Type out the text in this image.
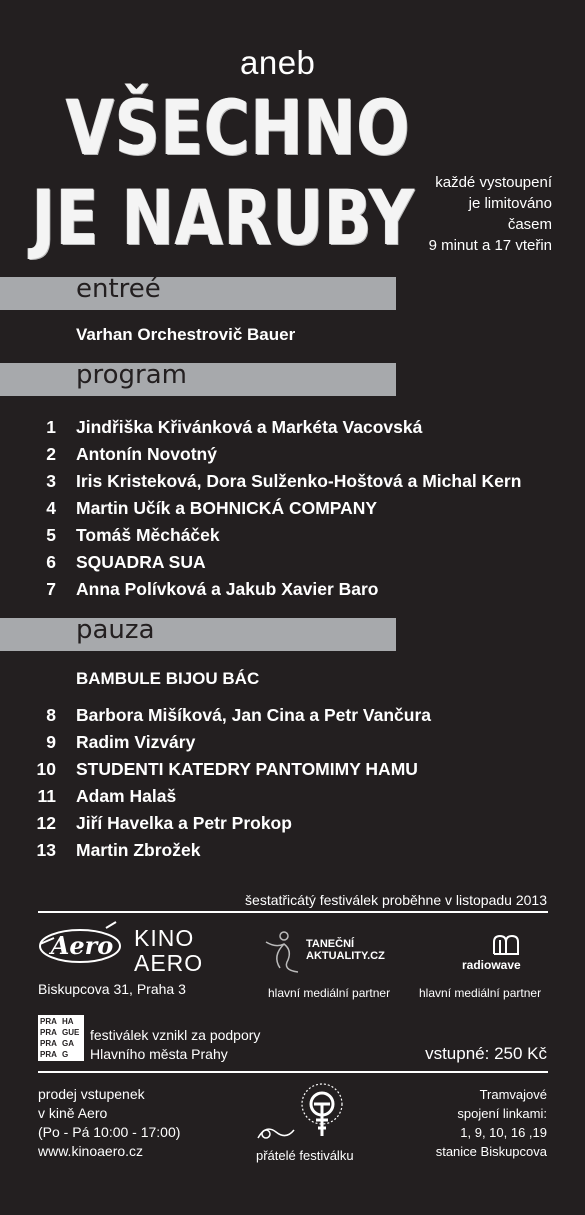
aneb
VŠECHNO
JE NARUBY	každé vystoupení
je limitováno
časem
9 minut a 17 vteřin
entreé
Varhan Orchestrovič Bauer
program
1 Jindřiška Křivánková a Markéta Vacovská
2 Antonín Novotný
3 Iris Kristeková, Dora Sulženko-Hoštová a Michal Kern
4 Martin Učík a BOHNICKÁ COMPANY
5 Tomáš Měcháček
6 SQUADRA SUA
7 Anna Polívková a Jakub Xavier Baro
pauza
BAMBULE BIJOU BÁC
8 Barbora Mišíková, Jan Cina a Petr Vančura
9 Radim Vizváry
10 STUDENTI KATEDRY PANTOMIMY HAMU
11 Adam Halaš
12 Jiří Havelka a Petr Prokop
13 Martin Zbrožek
šestatřicátý festiválek proběhne v listopadu 2013
Aero KINO
AERO
Biskupcova 31, Praha 3
TANEČNÍ
AKTUALITY.CZ
hlavní mediální partner
radiowave
hlavní mediální partner
PRA HA
PRA GUE
PRA GA
PRA G
festiválek vznikl za podpory
Hlavního města Prahy	vstupné: 250 Kč
prodej vstupenek
v kině Aero
(Po - Pá 10:00 - 17:00)
www.kinoaero.cz	přátelé festiválku
Tramvajové
spojení linkami:
1, 9, 10, 16 ,19
stanice Biskupcova
